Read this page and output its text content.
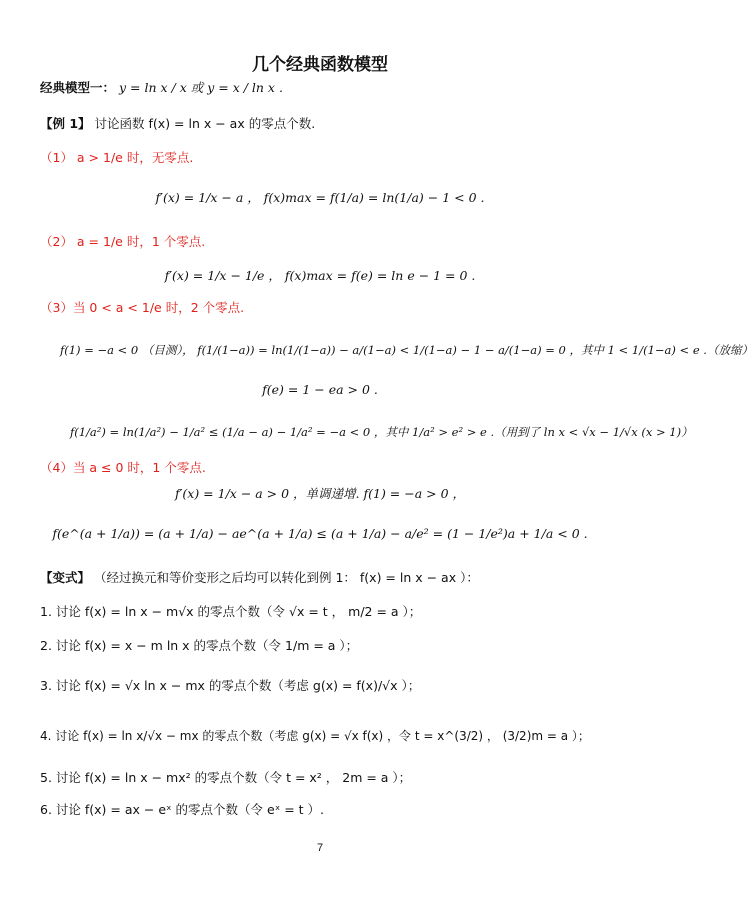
几个经典函数模型
经典模型一： y = ln x / x 或 y = x / ln x .
【例 1】 讨论函数 f(x) = ln x − ax 的零点个数.
（1） a > 1/e 时，无零点.
f′(x) = 1/x − a ， f(x)max = f(1/a) = ln(1/a) − 1 < 0 .
（2） a = 1/e 时，1 个零点.
f′(x) = 1/x − 1/e ， f(x)max = f(e) = ln e − 1 = 0 .
（3）当 0 < a < 1/e 时，2 个零点.
f(1) = −a < 0 （目测）， f(1/(1−a)) = ln(1/(1−a)) − a/(1−a) < 1/(1−a) − 1 − a/(1−a) = 0 ，其中 1 < 1/(1−a) < e .（放缩）
f(e) = 1 − ea > 0 .
f(1/a²) = ln(1/a²) − 1/a² ≤ (1/a − a) − 1/a² = −a < 0 ，其中 1/a² > e² > e .（用到了 ln x < √x − 1/√x (x > 1)）
（4）当 a ≤ 0 时，1 个零点.
f′(x) = 1/x − a > 0 ，单调递增. f(1) = −a > 0 ，
f(e^(a + 1/a)) = (a + 1/a) − ae^(a + 1/a) ≤ (a + 1/a) − a/e² = (1 − 1/e²)a + 1/a < 0 .
【变式】 （经过换元和等价变形之后均可以转化到例 1： f(x) = ln x − ax ）：
1. 讨论 f(x) = ln x − m√x 的零点个数（令 √x = t ， m/2 = a ）；
2. 讨论 f(x) = x − m ln x 的零点个数（令 1/m = a ）；
3. 讨论 f(x) = √x ln x − mx 的零点个数（考虑 g(x) = f(x)/√x ）；
4. 讨论 f(x) = ln x/√x − mx 的零点个数（考虑 g(x) = √x f(x) ，令 t = x^(3/2) ， (3/2)m = a ）；
5. 讨论 f(x) = ln x − mx² 的零点个数（令 t = x² ， 2m = a ）；
6. 讨论 f(x) = ax − eˣ 的零点个数（令 eˣ = t ）.
7
